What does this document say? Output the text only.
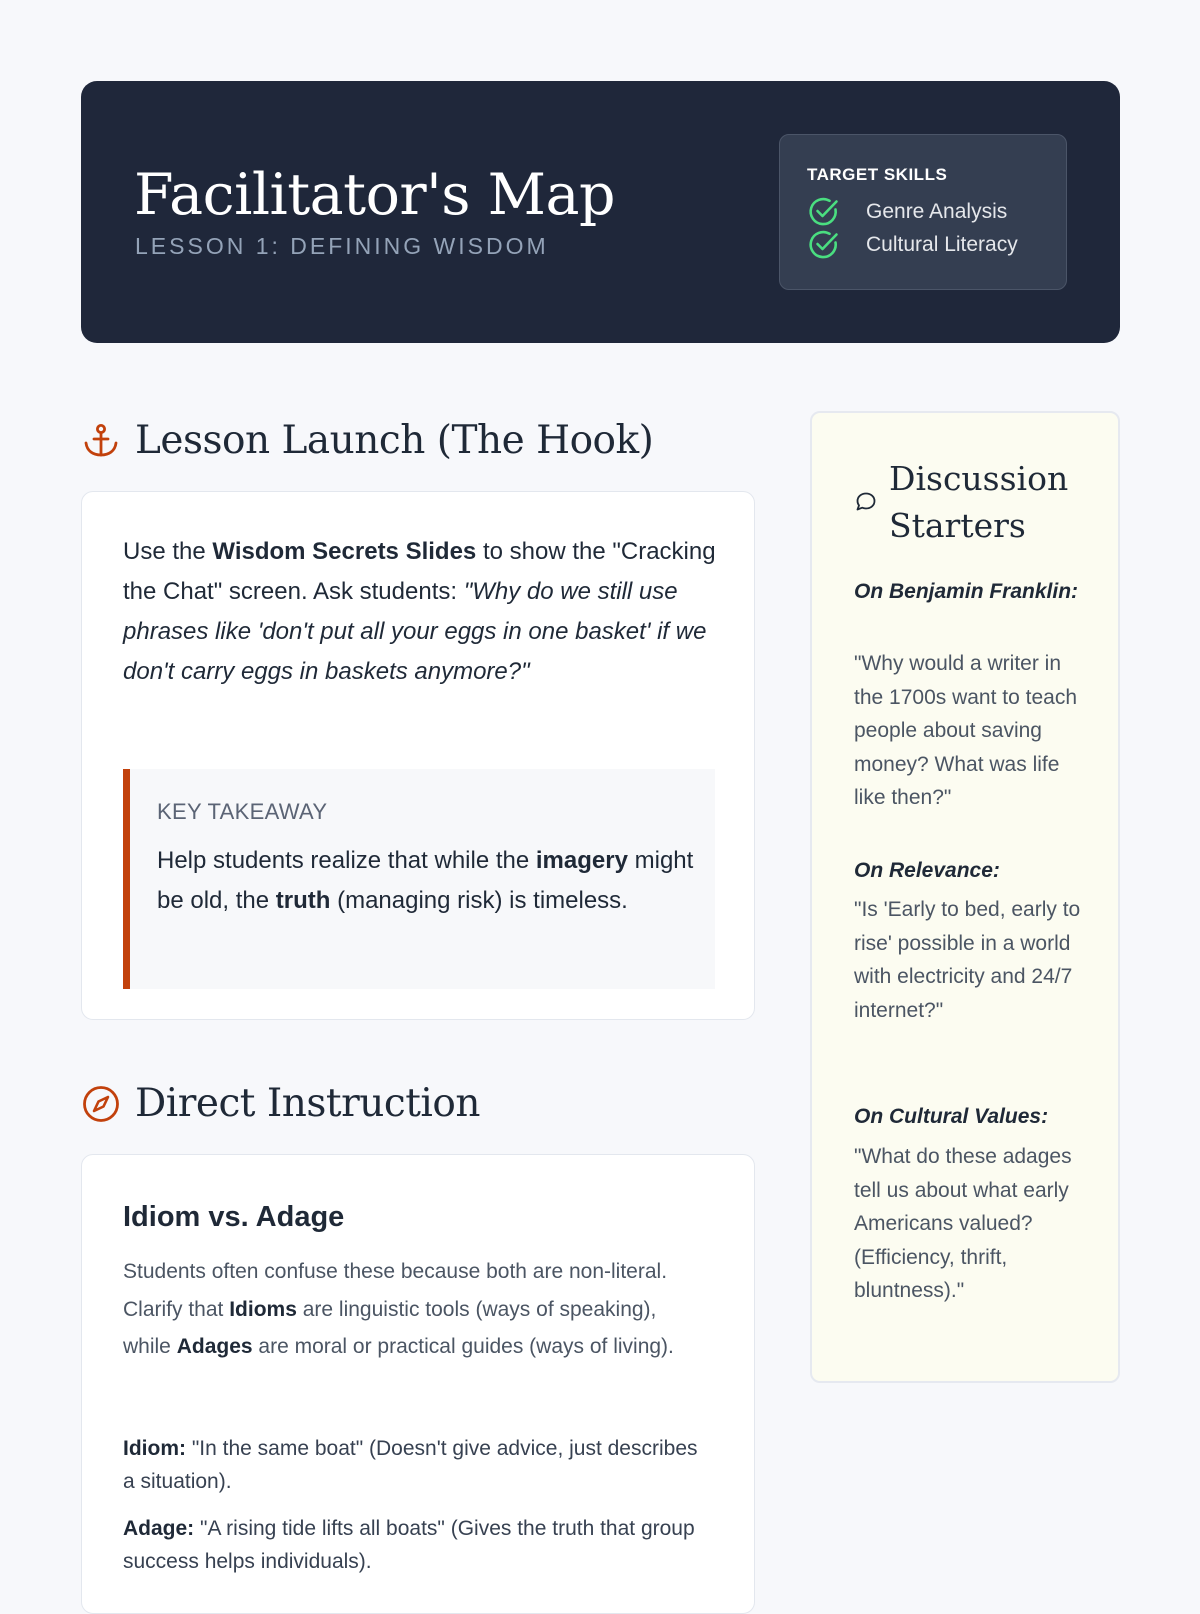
Facilitator's Map
LESSON 1: DEFINING WISDOM
TARGET SKILLS
Genre Analysis
Cultural Literacy
Lesson Launch (The Hook)
Use the Wisdom Secrets Slides to show the "Cracking the Chat" screen. Ask students: "Why do we still use phrases like 'don't put all your eggs in one basket' if we don't carry eggs in baskets anymore?"
KEY TAKEAWAY
Help students realize that while the imagery might be old, the truth (managing risk) is timeless.
Direct Instruction
Idiom vs. Adage
Students often confuse these because both are non-literal. Clarify that Idioms are linguistic tools (ways of speaking), while Adages are moral or practical guides (ways of living).
Idiom: "In the same boat" (Doesn't give advice, just describes a situation).
Adage: "A rising tide lifts all boats" (Gives the truth that group success helps individuals).
Discussion Starters
On Benjamin Franklin:
"Why would a writer in the 1700s want to teach people about saving money? What was life like then?"
On Relevance:
"Is 'Early to bed, early to rise' possible in a world with electricity and 24/7 internet?"
On Cultural Values:
"What do these adages tell us about what early Americans valued? (Efficiency, thrift, bluntness)."
